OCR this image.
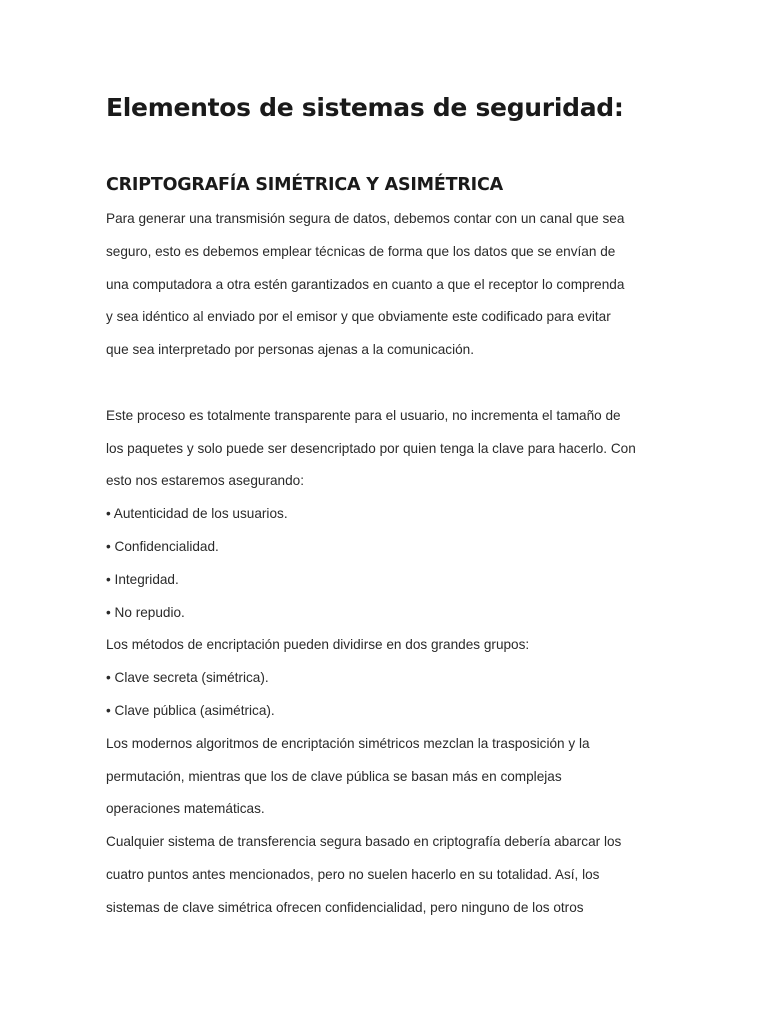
Elementos de sistemas de seguridad:
CRIPTOGRAFÍA SIMÉTRICA Y ASIMÉTRICA
Para generar una transmisión segura de datos, debemos contar con un canal que sea
seguro, esto es debemos emplear técnicas de forma que los datos que se envían de
una computadora a otra estén garantizados en cuanto a que el receptor lo comprenda
y sea idéntico al enviado por el emisor y que obviamente este codificado para evitar
que sea interpretado por personas ajenas a la comunicación.
Este proceso es totalmente transparente para el usuario, no incrementa el tamaño de
los paquetes y solo puede ser desencriptado por quien tenga la clave para hacerlo. Con
esto nos estaremos asegurando:
• Autenticidad de los usuarios.
• Confidencialidad.
• Integridad.
• No repudio.
Los métodos de encriptación pueden dividirse en dos grandes grupos:
• Clave secreta (simétrica).
• Clave pública (asimétrica).
Los modernos algoritmos de encriptación simétricos mezclan la trasposición y la
permutación, mientras que los de clave pública se basan más en complejas
operaciones matemáticas.
Cualquier sistema de transferencia segura basado en criptografía debería abarcar los
cuatro puntos antes mencionados, pero no suelen hacerlo en su totalidad. Así, los
sistemas de clave simétrica ofrecen confidencialidad, pero ninguno de los otros
